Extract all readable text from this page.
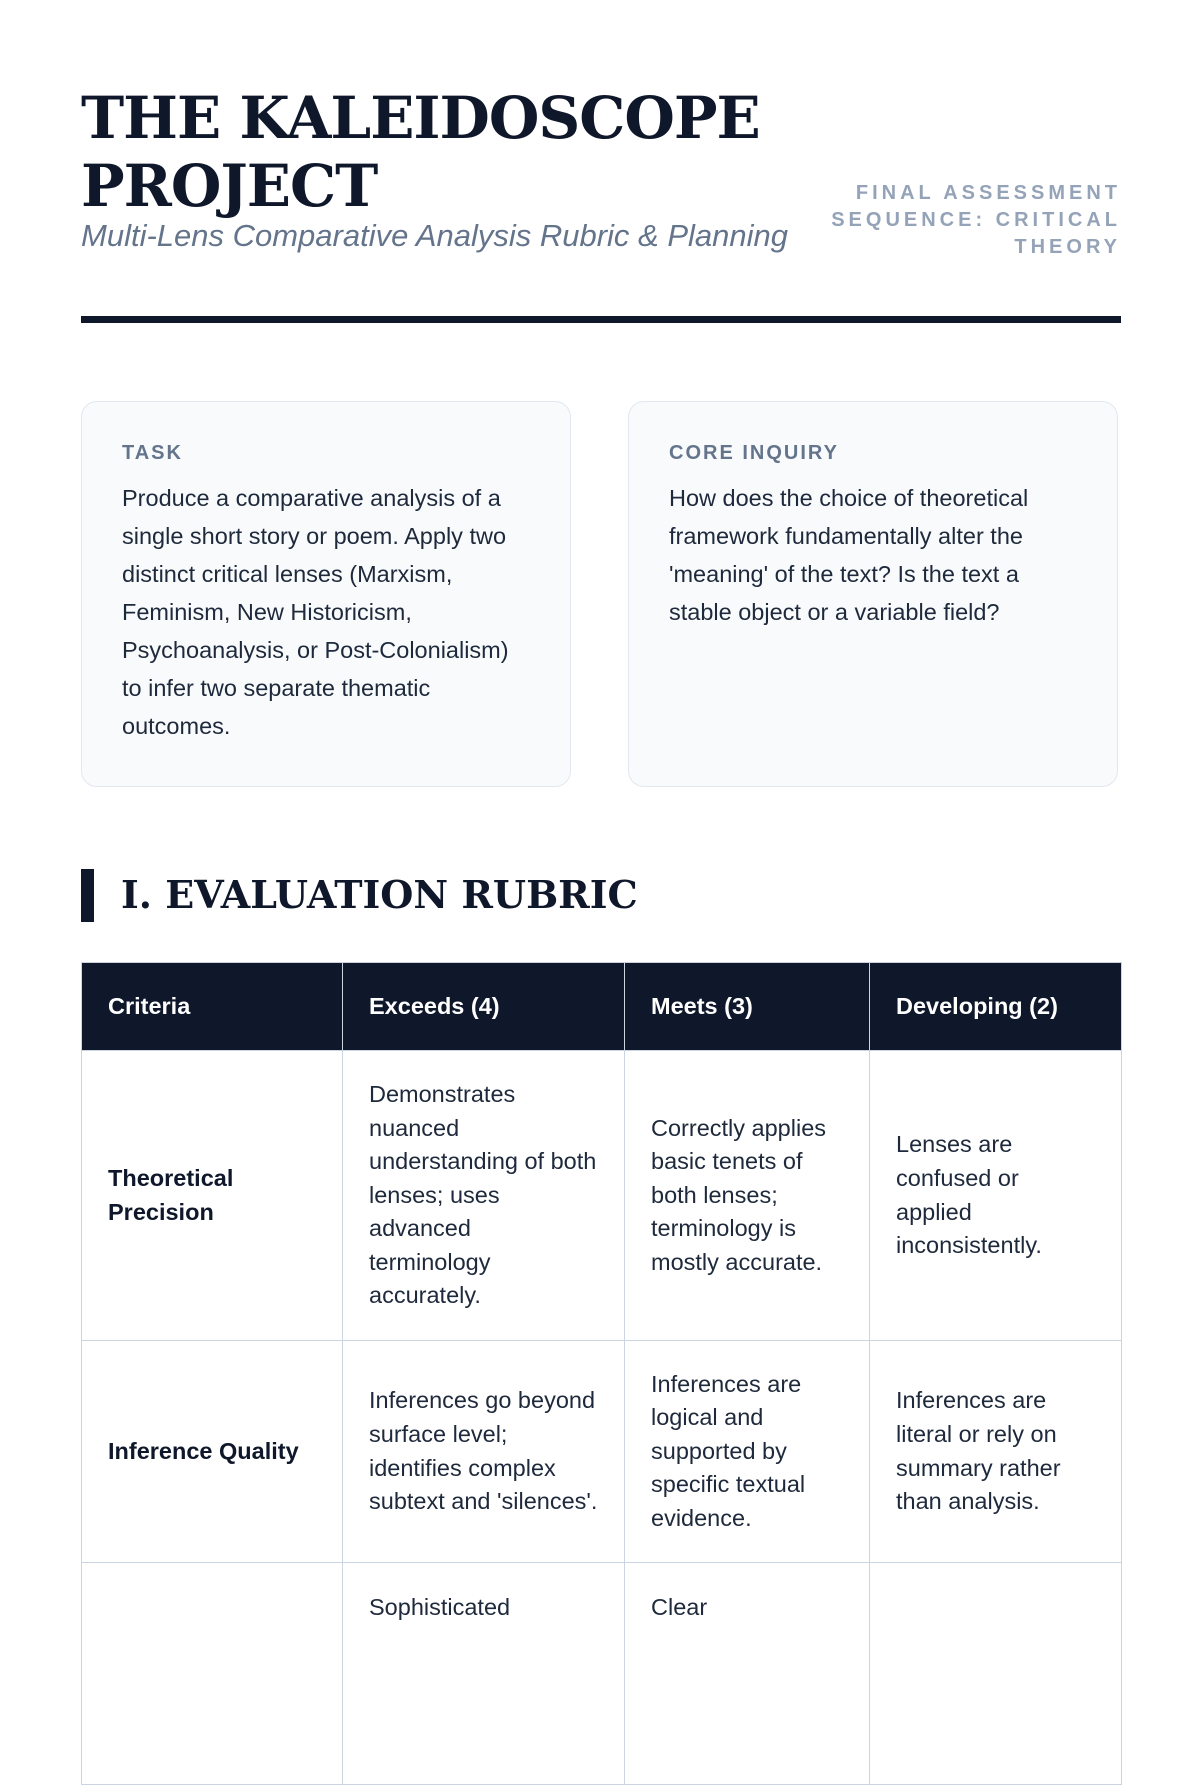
THE KALEIDOSCOPE
PROJECT

Multi-Lens Comparative Analysis Rubric & Planning

FINAL ASSESSMENT
SEQUENCE: CRITICAL
THEORY

TASK

Produce a comparative analysis of a single short story or poem. Apply two distinct critical lenses (Marxism, Feminism, New Historicism, Psychoanalysis, or Post-Colonialism) to infer two separate thematic outcomes.

CORE INQUIRY

How does the choice of theoretical framework fundamentally alter the 'meaning' of the text? Is the text a stable object or a variable field?

I. EVALUATION RUBRIC
Criteria	Exceeds (4)	Meets (3)	Developing (2)
Theoretical Precision	Demonstrates nuanced understanding of both lenses; uses advanced terminology accurately.	Correctly applies basic tenets of both lenses; terminology is mostly accurate.	Lenses are confused or applied inconsistently.
Inference Quality	Inferences go beyond surface level; identifies complex subtext and 'silences'.	Inferences are logical and supported by specific textual evidence.	Inferences are literal or rely on summary rather than analysis.
	Sophisticated	Clear	
